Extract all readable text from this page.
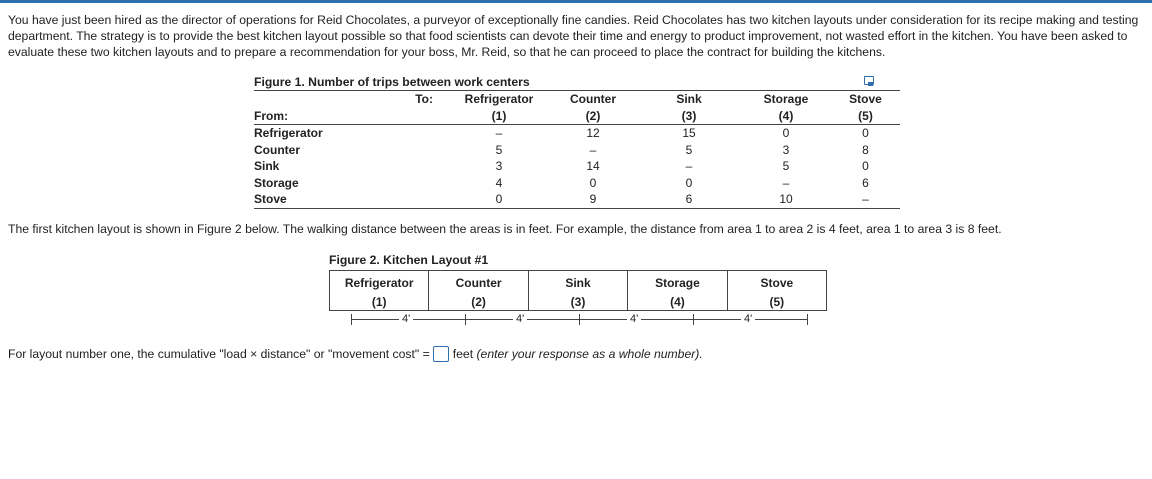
You have just been hired as the director of operations for Reid Chocolates, a purveyor of exceptionally fine candies. Reid Chocolates has two kitchen layouts under consideration for its recipe making and testing department. The strategy is to provide the best kitchen layout possible so that food scientists can devote their time and energy to product improvement, not wasted effort in the kitchen. You have been asked to evaluate these two kitchen layouts and to prepare a recommendation for your boss, Mr. Reid, so that he can proceed to place the contract for building the kitchens.

Figure 1. Number of trips between work centers

	To:	Refrigerator	Counter	Sink	Storage	Stove
From:		(1)	(2)	(3)	(4)	(5)
Refrigerator		–	12	15	0	0
Counter		5	–	5	3	8
Sink		3	14	–	5	0
Storage		4	0	0	–	6
Stove		0	9	6	10	–

The first kitchen layout is shown in Figure 2 below. The walking distance between the areas is in feet. For example, the distance from area 1 to area 2 is 4 feet, area 1 to area 3 is 8 feet.

Figure 2. Kitchen Layout #1

Refrigerator
(1)
Counter
(2)
Sink
(3)
Storage
(4)
Stove
(5)
4'	4'	4'	4'
For layout number one, the cumulative "load × distance" or "movement cost" = feet
(enter your response as a whole number).
